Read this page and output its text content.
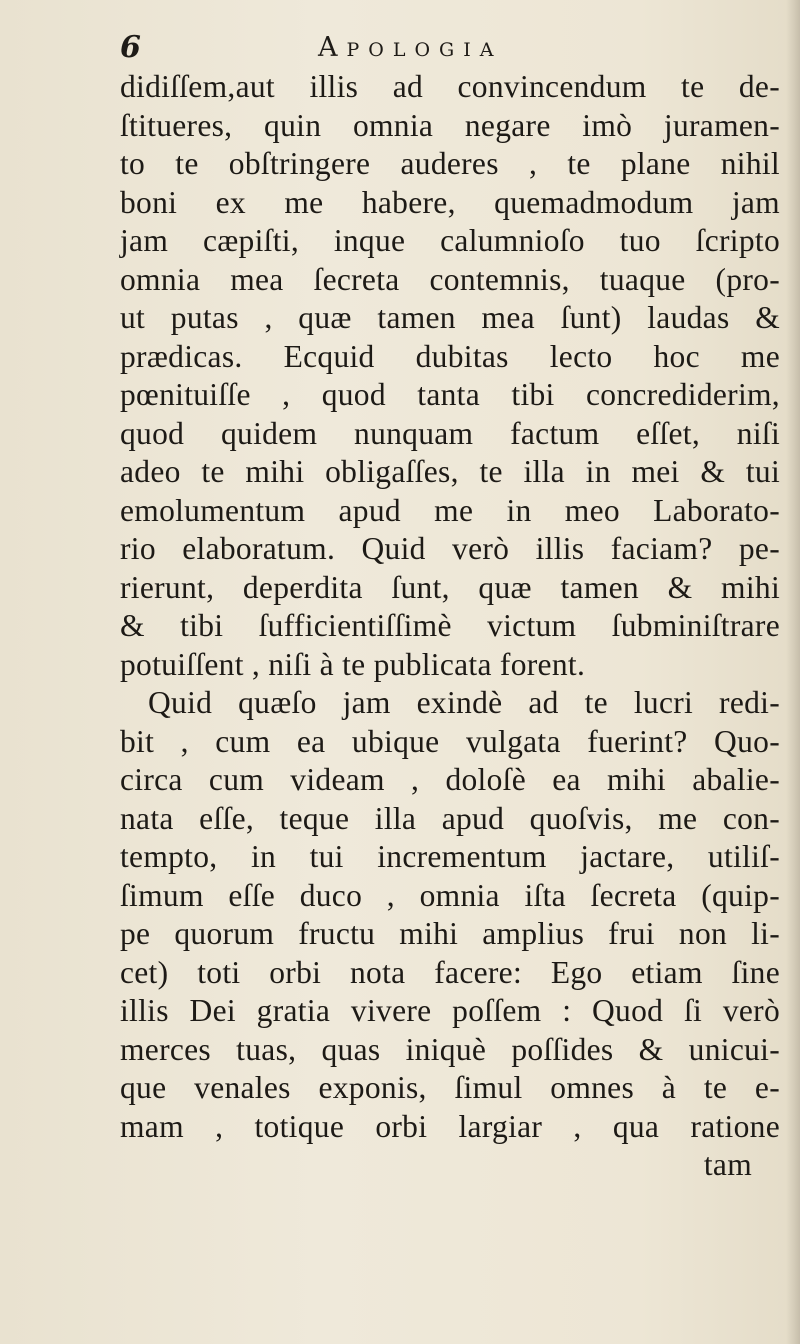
6	Apologia
didiſſem,aut illis ad convincendum te de-
ſtitueres, quin omnia negare imò juramen-
to te obſtringere auderes , te plane nihil
boni ex me habere, quemadmodum jam
jam cæpiſti, inque calumnioſo tuo ſcripto
omnia mea ſecreta contemnis, tuaque (pro-
ut putas , quæ tamen mea ſunt) laudas &
prædicas. Ecquid dubitas lecto hoc me
pœnituiſſe , quod tanta tibi concrediderim,
quod quidem nunquam factum eſſet, niſi
adeo te mihi obligaſſes, te illa in mei & tui
emolumentum apud me in meo Laborato-
rio elaboratum. Quid verò illis faciam? pe-
rierunt, deperdita ſunt, quæ tamen & mihi
& tibi ſufficientiſſimè victum ſubminiſtrare
potuiſſent , niſi à te publicata forent.
Quid quæſo jam exindè ad te lucri redi-
bit , cum ea ubique vulgata fuerint? Quo-
circa cum videam , doloſè ea mihi abalie-
nata eſſe, teque illa apud quoſvis, me con-
tempto, in tui incrementum jactare, utiliſ-
ſimum eſſe duco , omnia iſta ſecreta (quip-
pe quorum fructu mihi amplius frui non li-
cet) toti orbi nota facere: Ego etiam ſine
illis Dei gratia vivere poſſem : Quod ſi verò
merces tuas, quas iniquè poſſides & unicui-
que venales exponis, ſimul omnes à te e-
mam , totique orbi largiar , qua ratione
tam
